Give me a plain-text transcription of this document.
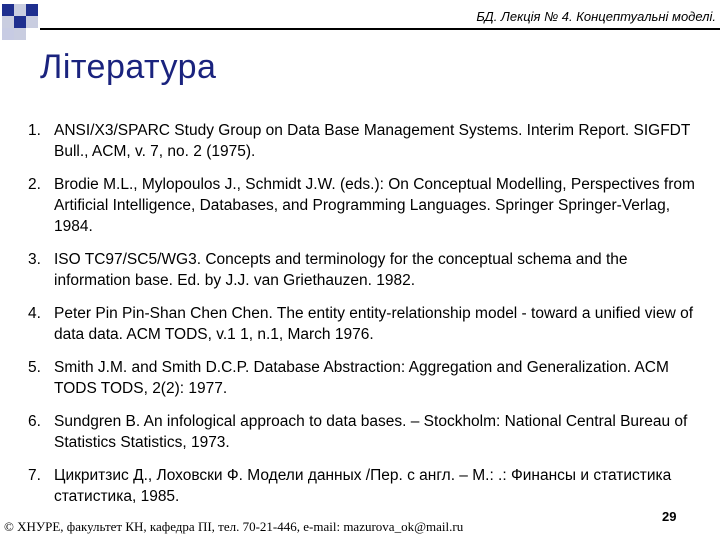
БД. Лекція № 4. Концептуальні моделі.
Література
1. ANSI/X3/SPARC Study Group on Data Base Management Systems. Interim Report. SIGFDT Bull., ACM, v. 7, no. 2 (1975).
2. Brodie M.L., Mylopoulos J., Schmidt J.W. (eds.): On Conceptual Modelling, Perspectives from Artificial Intelligence, Databases, and Programming Languages. Springer Springer-Verlag, 1984.
3. ISO TC97/SC5/WG3. Concepts and terminology for the conceptual schema and the information base. Ed. by J.J. van Griethauzen. 1982.
4. Peter Pin Pin-Shan Chen Chen. The entity entity-relationship model - toward a unified view of data data. ACM TODS, v.1 1, n.1, March 1976.
5. Smith J.M. and Smith D.C.P. Database Abstraction: Aggregation and Generalization. ACM TODS TODS, 2(2): 1977.
6. Sundgren B. An infological approach to data bases. – Stockholm: National Central Bureau of Statistics Statistics, 1973.
7. Цикритзис Д., Лоховски Ф. Модели данных /Пер. с англ. – М.: .: Финансы и статистика статистика, 1985.
29
© ХНУРЕ, факультет КН, кафедра ПІ, тел. 70-21-446, e-mail: mazurova_ok@mail.ru
